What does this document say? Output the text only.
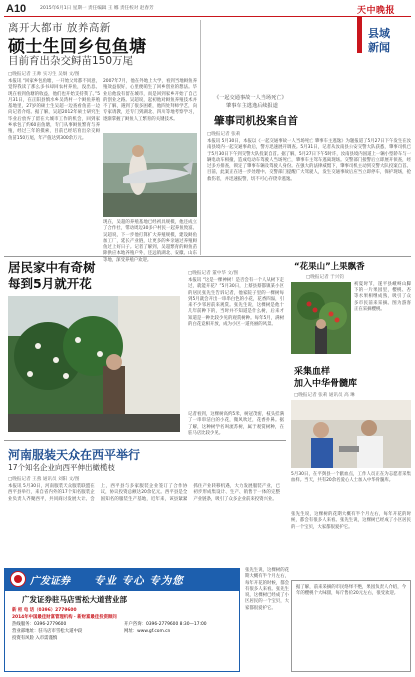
A10	2015年6月1日 星期一 责任编辑 王 娜 责任校对 赵春芳	天中晚报
县域新闻
离开大都市 放养高新
硕士生回乡包鱼塘
目前育出杂交鲟苗150万尾
□晚报记者 王帅 实习生 吴炯 文/图
本报讯 “回家乡包鱼塘，一开始父母都不同意，觉得我读了那么多书却回农村养鱼，没出息。现在看到鱼塘的收益，他们也开始支持我了。”5月31日，在正阳县慎水乡吴湾村一个鲟鱼养殖基地里，27岁的硕士生吴超一边查看鱼苗一边向记者介绍。据了解，吴超2012年硕士研究生毕业后放弃了留在大城市工作的机会，回到家乡承包了约60亩鱼塘，专门从事鲟鱼繁育与养殖，经过三年的摸索，目前已经培育出杂交鲟鱼苗150万尾，年产值达到300余万元。
2007年7月，他在外地上大学，看到当地鲟鱼养殖效益很好，心里便萌生了回乡创业的想法。毕业后他没有留在城市，而是回到家乡开始了自己的创业之路。吴超说，起初他对鲟鱼养殖技术并不了解，遇到了很多困难，他四处拜师学艺，向专家请教，还专门到湖北、四川等地考察学习，逐渐掌握了鲟鱼人工繁育的关键技术。
现在，吴超的养殖基地已经初具规模，他还成立了合作社，带动周边30多户村民一起养鱼致富。吴超说，下一步他打算扩大养殖规模，建设鲟鱼加工厂，延长产业链，让更多的乡亲通过养殖鲟鱼过上好日子。记者了解到，吴超繁育的鲟鱼苗除供应本地养殖户外，还远销湖北、安徽、山东等地，深受养殖户欢迎。
《一起交通事故一人当场死亡》
肇事车主逃逸后续报道
肇事司机投案自首
□晚报记者 张莉
本报讯 5月30日，本报以《一起交通事故一人当场死亡 肇事车主逃逸》为题报道了5月27日下午发生在汝南县境内一起交通事故后，警方迅速展开调查。5月31日，记者从汝南县公安交警大队获悉，肇事司机已于5月30日下午到交警大队投案自首。据了解，5月27日下午5时许，汝南县境内国道上一辆小型轿车与一辆电动车相撞，造成电动车驾驶人当场死亡，肇事车主驾车逃离现场。交警部门接警后立即展开侦查，经过多方排查，锁定了肇事车辆及驾驶人身份。在强大的法律威慑下，肇事司机主动到交警大队投案自首。目前，此案正在进一步处理中。交警部门提醒广大驾驶人，发生交通事故后应当立即停车，保护现场，抢救伤者，并迅速报警，切不可心存侥幸逃逸。
居民家中有奇树
每到5月就开花
□晚报记者 董中华 文/图
本报讯 “这是一棵神树！是否会有一个人从树下走过，就能开花？”5月30日，上蔡县蔡都镇某小区的居民张先生告诉记者，他家院子里的一棵树每到5月就会开出一串串白色的小花，花香四溢，引来不少邻居前来观赏。张先生说，这棵树是他十几年前种下的，当时并不知道是什么树，后来才知道是一种比较少见的观赏树种。每年5月，满树的白花竞相开放，成为小区一道亮丽的风景。
“花果山”上果飘香
□晚报记者 于兴钧
初夏时节，遂平县嵖岈山脚下的一片果园里，樱桃、杏等水果相继成熟，吸引了众多市民前来采摘。图为游客正在采摘樱桃。
采集血样
加入中华骨髓库
□晚报记者 张莉 通讯员 高 琳
5月30日，在平舆县一个献血点，工作人员正在为志愿者采集血样。当天，共有20余名爱心人士加入中华骨髓库。
河南服装天众在西平举行
17个知名企业向西平伸出橄榄枝
□晚报记者 王燕 通讯员 刘阳 文/图
本报讯 5月30日，河南服装天众服装联盟在西平县举行，来自省内外的17个知名服装企业负责人齐聚西平，共同商讨发展大计。会上，西平县与多家服装企业签订了合作协议，协议投资总额达20余亿元。西平县是全国知名的服装生产基地，近年来，该县紧紧抓住产业转移机遇，大力发展服装产业，已初步形成集设计、生产、销售于一体的完整产业链条，吸引了众多企业前来投资兴业。
张先生说，这棵树的花期大概有半个月左右，每年开花的时候，都会有很多人来看。张先生说，这棵树已经成了小区居民的一个宝贝，大家都很爱护它。
记者看到，这棵树高约5米，树冠茂密，枝头挂满了一串串洁白的小花，微风吹过，花香扑鼻。据了解，这种树学名叫流苏树，属于观赏树种，在驻马店比较少见。
据了解，前来采摘的市民络绎不绝，果园负责人介绍，今年的樱桃个大味甜，每斤售价20元左右，很受欢迎。
张先生说，这棵树的花期大概有半个月左右，每年开花的时候，都会有很多人来看。张先生说，这棵树已经成了小区居民的一个宝贝，大家都很爱护它。
广发证券 专业 专心 专为您
广发证券驻马店雪松大道营业部
新 柜 电 话（0396）2779600
2014年中国最佳财富管理机构 · 新财富最佳投资顾问
热线服务：0396-2779600
营业部地址：驻马店市雪松大道中段
投资有风险 入市需谨慎
开户咨询：0396-2779600 8:30—17:00
网址：www.gf.com.cn
